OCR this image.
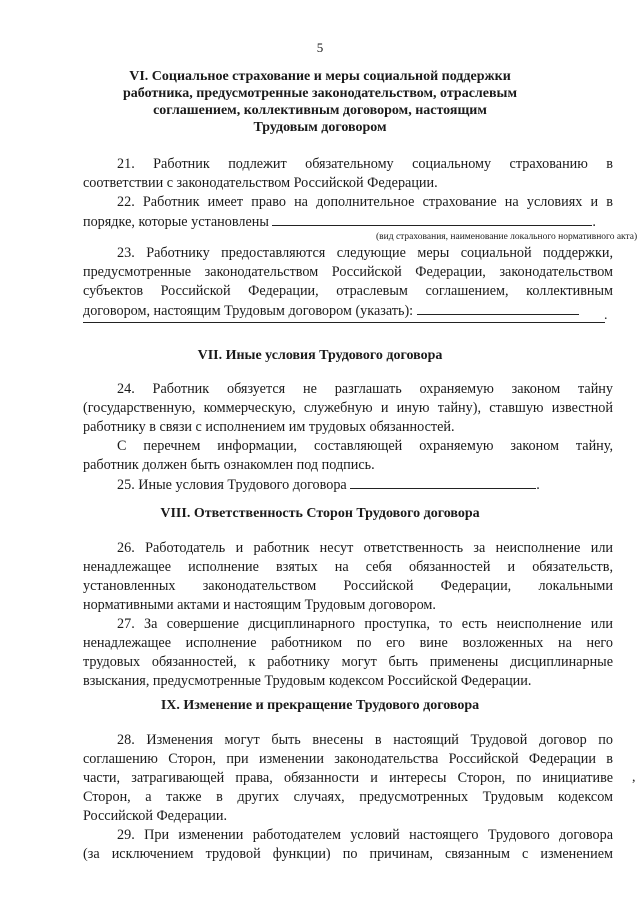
5
VI. Социальное страхование и меры социальной поддержки
работника, предусмотренные законодательством, отраслевым
соглашением, коллективным договором, настоящим
Трудовым договором
21. Работник подлежит обязательному социальному страхованию в
соответствии с законодательством Российской Федерации.
22. Работник имеет право на дополнительное страхование на условиях и в
порядке, которые установлены	.
(вид страхования, наименование локального нормативного акта)
23. Работнику предоставляются следующие меры социальной поддержки,
предусмотренные законодательством Российской Федерации, законодательством
субъектов Российской Федерации, отраслевым соглашением, коллективным
договором, настоящим Трудовым договором (указать):	.
VII. Иные условия Трудового договора
24. Работник обязуется не разглашать охраняемую законом тайну
(государственную, коммерческую, служебную и иную тайну), ставшую известной
работнику в связи с исполнением им трудовых обязанностей.
С перечнем информации, составляющей охраняемую законом тайну,
работник должен быть ознакомлен под подпись.
25. Иные условия Трудового договора	.
VIII. Ответственность Сторон Трудового договора
26. Работодатель и работник несут ответственность за неисполнение или
ненадлежащее исполнение взятых на себя обязанностей и обязательств,
установленных законодательством Российской Федерации, локальными
нормативными актами и настоящим Трудовым договором.
27. За совершение дисциплинарного проступка, то есть неисполнение или
ненадлежащее исполнение работником по его вине возложенных на него
трудовых обязанностей, к работнику могут быть применены дисциплинарные
взыскания, предусмотренные Трудовым кодексом Российской Федерации.
IX. Изменение и прекращение Трудового договора
28. Изменения могут быть внесены в настоящий Трудовой договор по
соглашению Сторон, при изменении законодательства Российской Федерации в
части, затрагивающей права, обязанности и интересы Сторон, по инициативе
Сторон, а также в других случаях, предусмотренных Трудовым кодексом
Российской Федерации.
29. При изменении работодателем условий настоящего Трудового договора
(за исключением трудовой функции) по причинам, связанным с изменением
,
